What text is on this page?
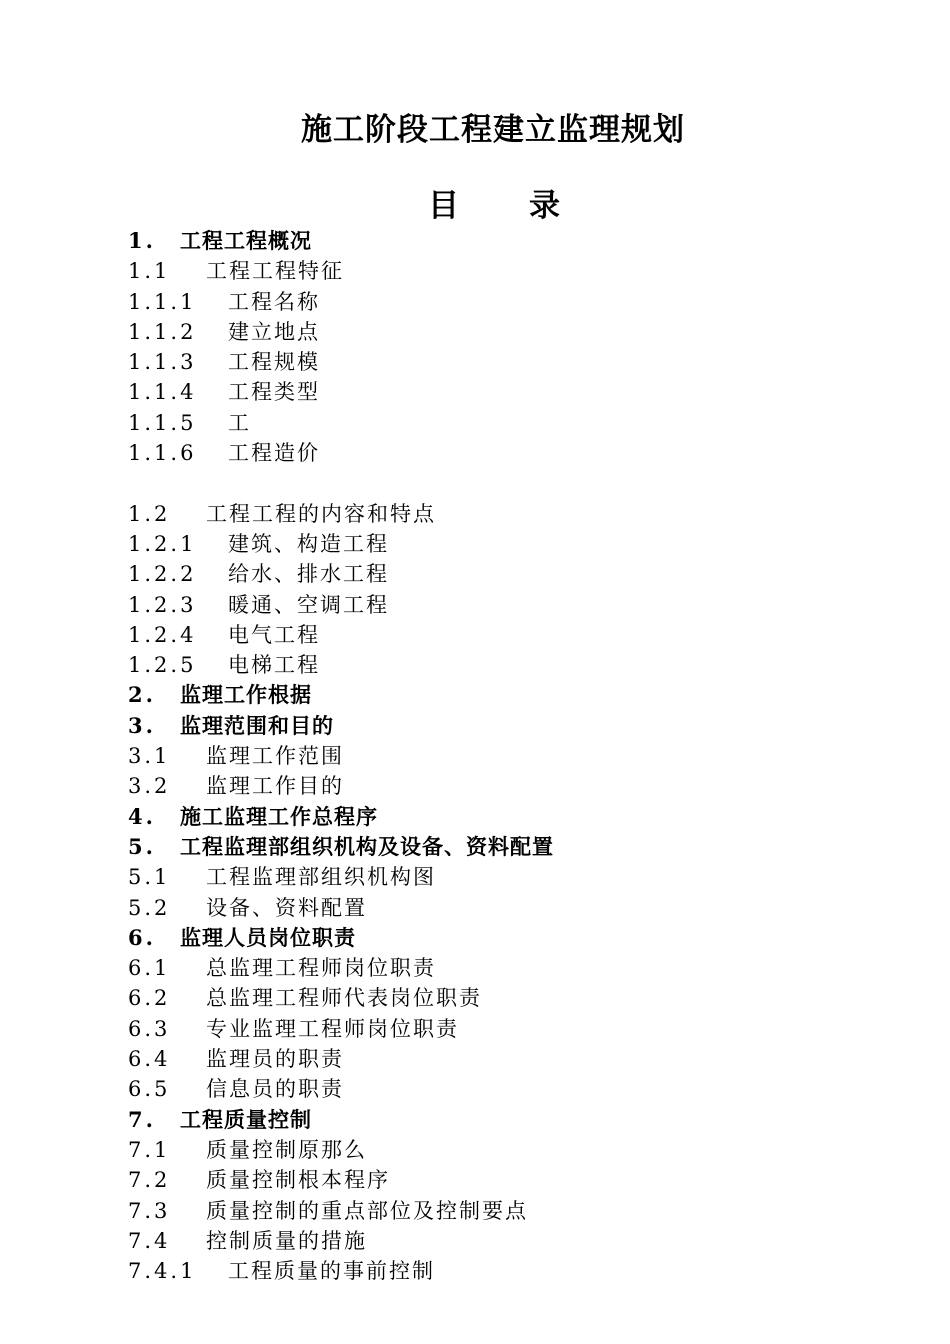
施工阶段工程建立监理规划
目 录
1. 工程工程概况
1.1 工程工程特征
1.1.1 工程名称
1.1.2 建立地点
1.1.3 工程规模
1.1.4 工程类型
1.1.5 工
1.1.6 工程造价
1.2 工程工程的内容和特点
1.2.1 建筑、构造工程
1.2.2 给水、排水工程
1.2.3 暖通、空调工程
1.2.4 电气工程
1.2.5 电梯工程
2. 监理工作根据
3. 监理范围和目的
3.1 监理工作范围
3.2 监理工作目的
4. 施工监理工作总程序
5. 工程监理部组织机构及设备、资料配置
5.1 工程监理部组织机构图
5.2 设备、资料配置
6. 监理人员岗位职责
6.1 总监理工程师岗位职责
6.2 总监理工程师代表岗位职责
6.3 专业监理工程师岗位职责
6.4 监理员的职责
6.5 信息员的职责
7. 工程质量控制
7.1 质量控制原那么
7.2 质量控制根本程序
7.3 质量控制的重点部位及控制要点
7.4 控制质量的措施
7.4.1 工程质量的事前控制
